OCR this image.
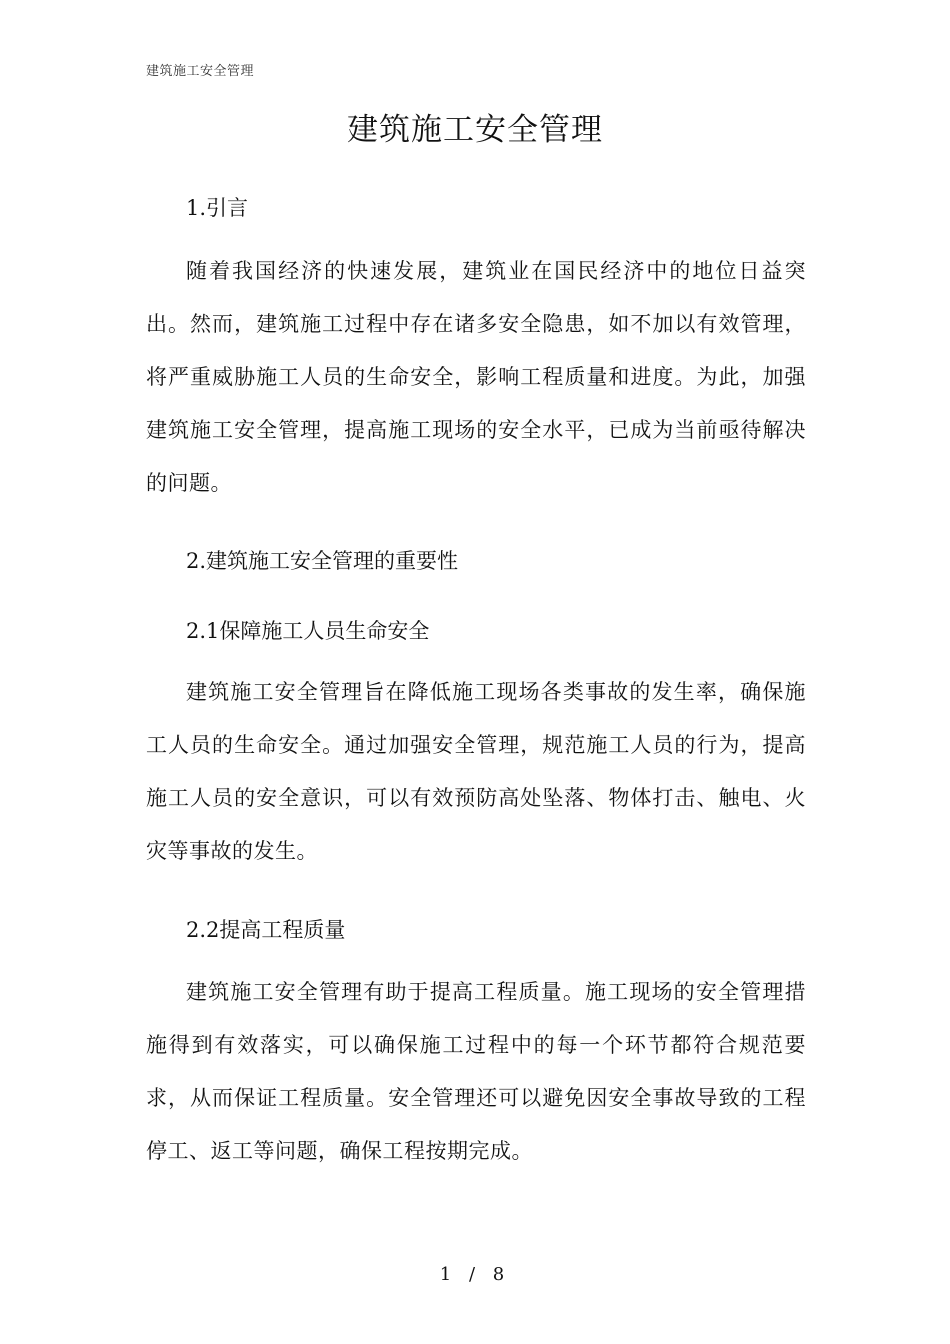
建筑施工安全管理
建筑施工安全管理
1.引言

随着我国经济的快速发展，建筑业在国民经济中的地位日益突出。然而，建筑施工过程中存在诸多安全隐患，如不加以有效管理，将严重威胁施工人员的生命安全，影响工程质量和进度。为此，加强建筑施工安全管理，提高施工现场的安全水平，已成为当前亟待解决的问题。

2.建筑施工安全管理的重要性
2.1保障施工人员生命安全

建筑施工安全管理旨在降低施工现场各类事故的发生率，确保施工人员的生命安全。通过加强安全管理，规范施工人员的行为，提高施工人员的安全意识，可以有效预防高处坠落、物体打击、触电、火灾等事故的发生。

2.2提高工程质量

建筑施工安全管理有助于提高工程质量。施工现场的安全管理措施得到有效落实，可以确保施工过程中的每一个环节都符合规范要求，从而保证工程质量。安全管理还可以避免因安全事故导致的工程停工、返工等问题，确保工程按期完成。

1 / 8
